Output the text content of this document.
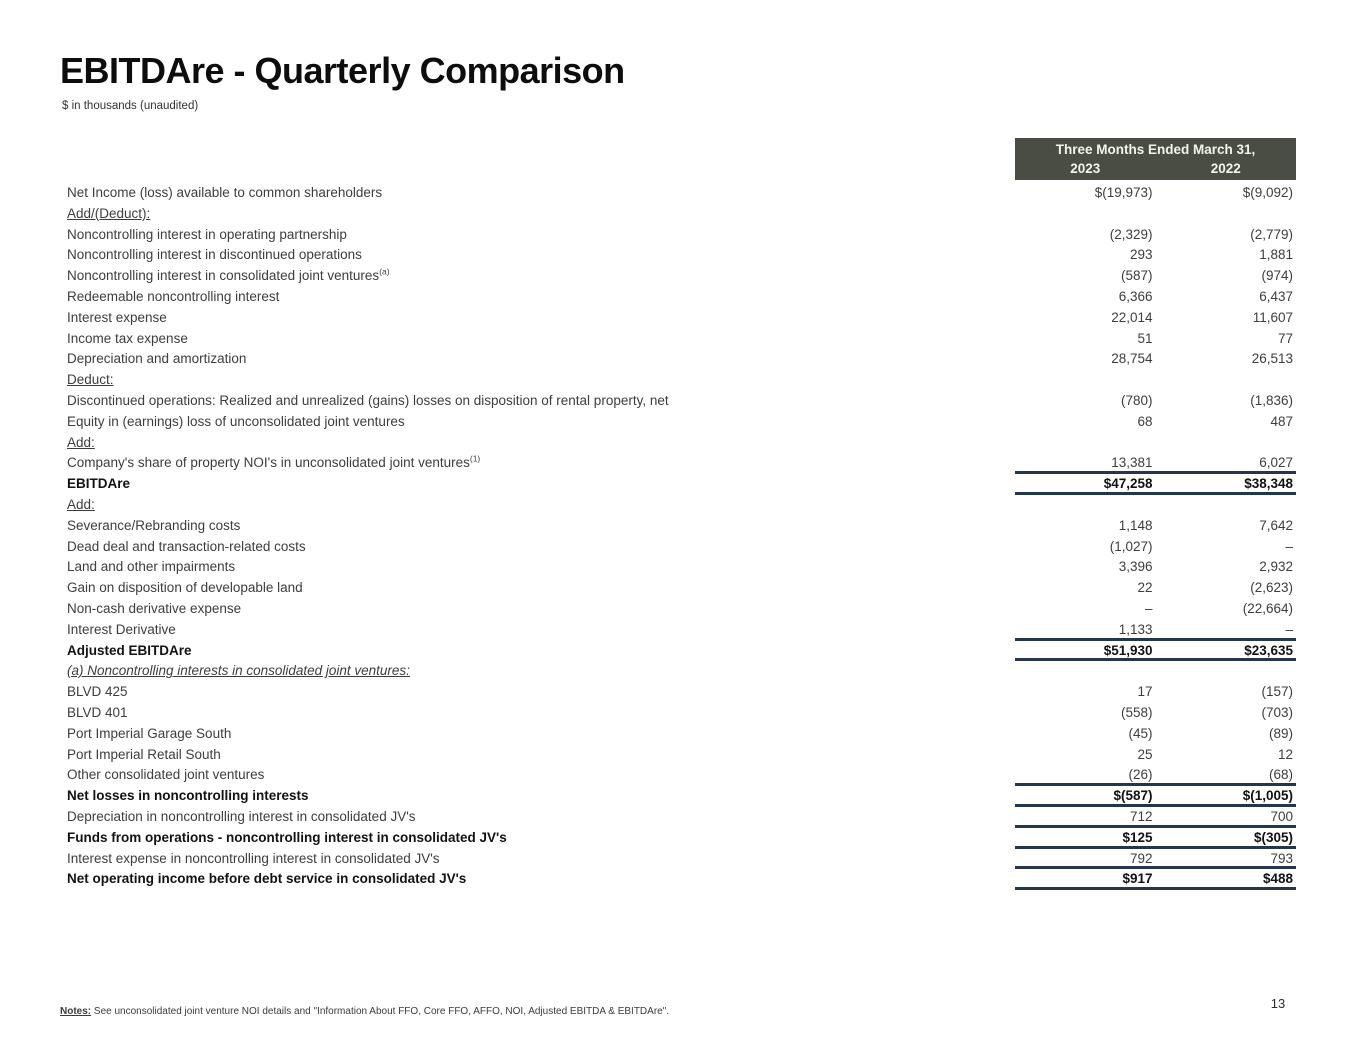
EBITDAre - Quarterly Comparison
$ in thousands (unaudited)
Three Months Ended March 31,
2023	2022
Net Income (loss) available to common shareholders	$(19,973)	$(9,092)
Add/(Deduct):
Noncontrolling interest in operating partnership	(2,329)	(2,779)
Noncontrolling interest in discontinued operations	293	1,881
Noncontrolling interest in consolidated joint ventures$^{(a)}$	(587)	(974)
Redeemable noncontrolling interest	6,366	6,437
Interest expense	22,014	11,607
Income tax expense	51	77
Depreciation and amortization	28,754	26,513
Deduct:
Discontinued operations: Realized and unrealized (gains) losses on disposition of rental property, net	(780)	(1,836)
Equity in (earnings) loss of unconsolidated joint ventures	68	487
Add:
Company's share of property NOI's in unconsolidated joint ventures$^{(1)}$	13,381	6,027
EBITDAre	$47,258	$38,348
Add:
Severance/Rebranding costs	1,148	7,642
Dead deal and transaction-related costs	(1,027)	–
Land and other impairments	3,396	2,932
Gain on disposition of developable land	22	(2,623)
Non-cash derivative expense	–	(22,664)
Interest Derivative	1,133	–
Adjusted EBITDAre	$51,930	$23,635
(a) Noncontrolling interests in consolidated joint ventures:
BLVD 425	17	(157)
BLVD 401	(558)	(703)
Port Imperial Garage South	(45)	(89)
Port Imperial Retail South	25	12
Other consolidated joint ventures	(26)	(68)
Net losses in noncontrolling interests	$(587)	$(1,005)
Depreciation in noncontrolling interest in consolidated JV's	712	700
Funds from operations - noncontrolling interest in consolidated JV's	$125	$(305)
Interest expense in noncontrolling interest in consolidated JV's	792	793
Net operating income before debt service in consolidated JV's	$917	$488
Notes: See unconsolidated joint venture NOI details and "Information About FFO, Core FFO, AFFO, NOI, Adjusted EBITDA & EBITDAre".
13
